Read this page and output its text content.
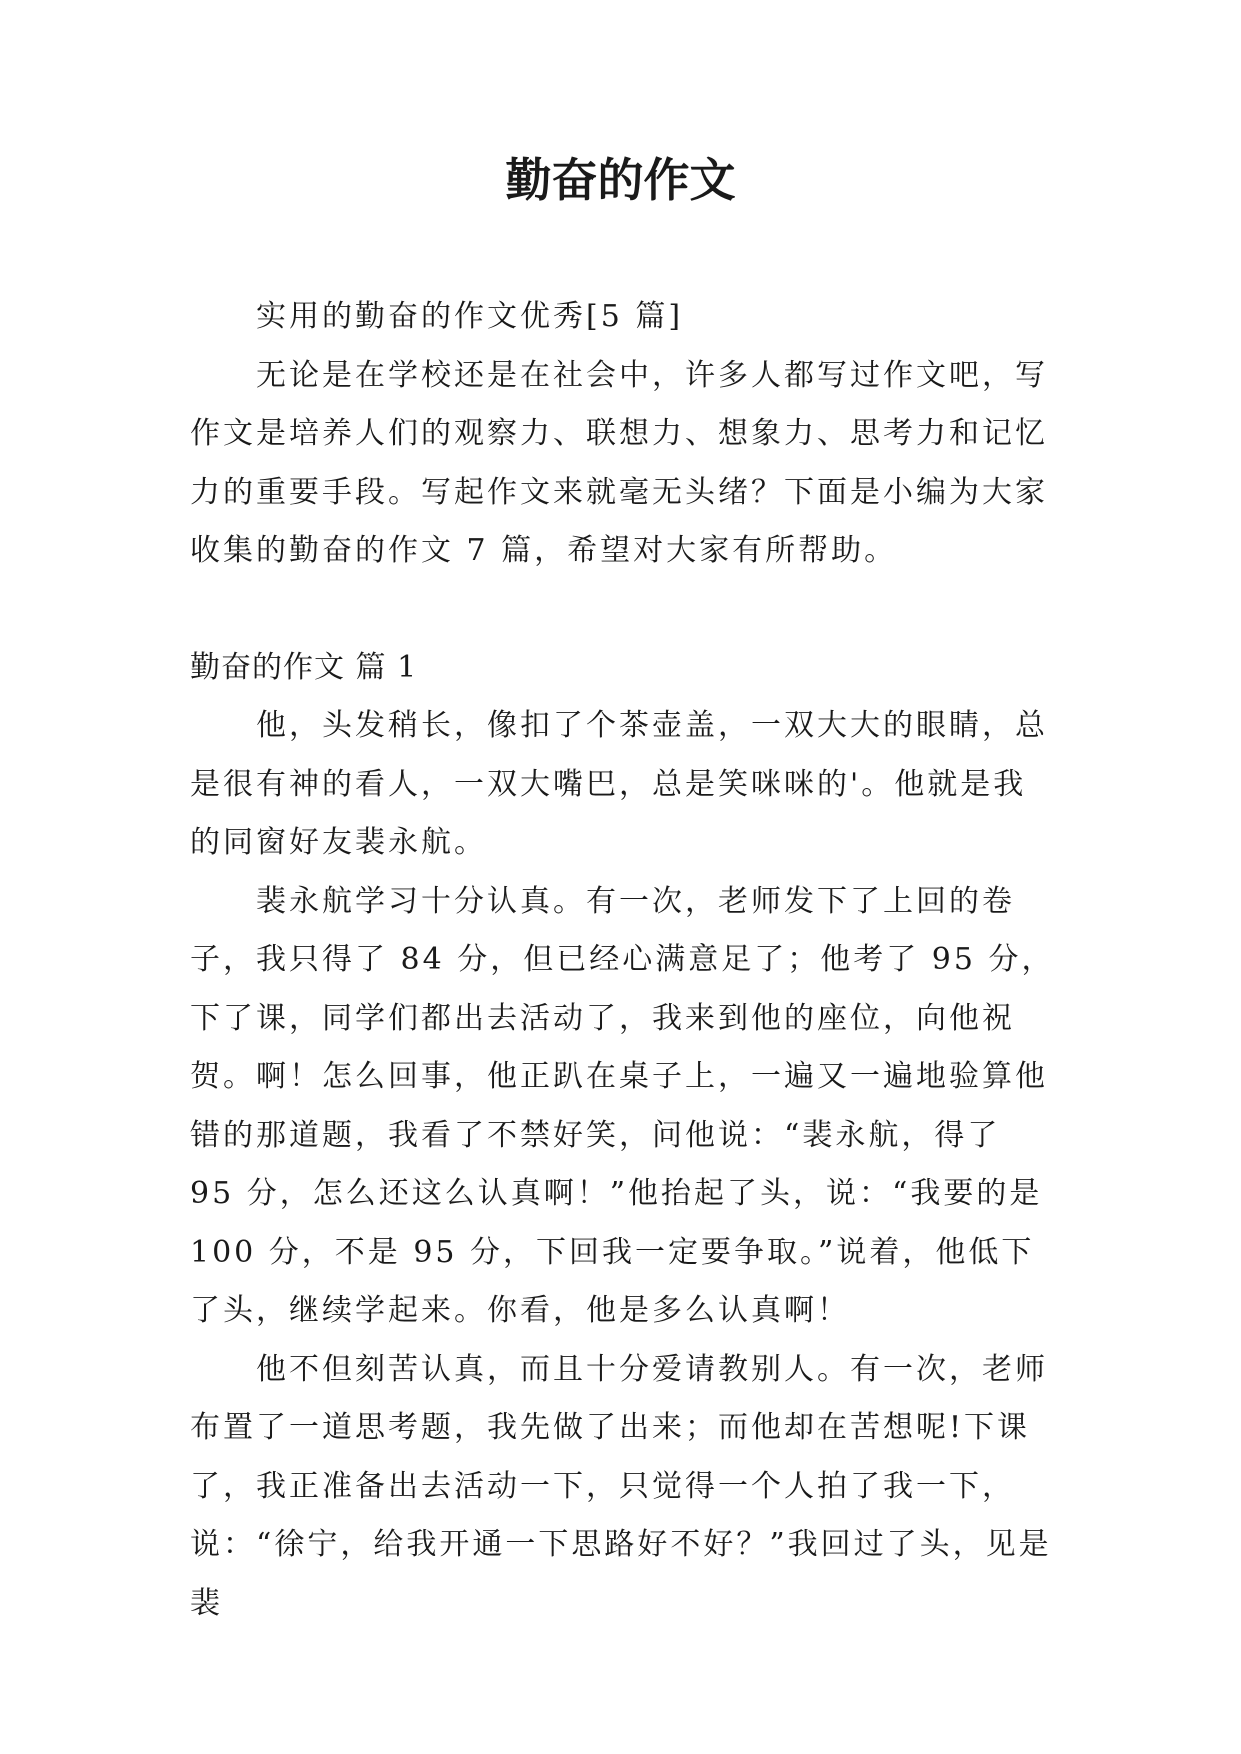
勤奋的作文

实用的勤奋的作文优秀[5 篇]

无论是在学校还是在社会中，许多人都写过作文吧，写作文是培养人们的观察力、联想力、想象力、思考力和记忆力的重要手段。写起作文来就毫无头绪？下面是小编为大家收集的勤奋的作文 7 篇，希望对大家有所帮助。

勤奋的作文 篇 1

他，头发稍长，像扣了个茶壶盖，一双大大的眼睛，总是很有神的看人，一双大嘴巴，总是笑咪咪的'。他就是我的同窗好友裴永航。

裴永航学习十分认真。有一次，老师发下了上回的卷子，我只得了 84 分，但已经心满意足了；他考了 95 分，下了课，同学们都出去活动了，我来到他的座位，向他祝贺。啊！怎么回事，他正趴在桌子上，一遍又一遍地验算他错的那道题，我看了不禁好笑，问他说：“裴永航，得了 95 分，怎么还这么认真啊！”他抬起了头，说：“我要的是 100 分，不是 95 分，下回我一定要争取。”说着，他低下了头，继续学起来。你看，他是多么认真啊！

他不但刻苦认真，而且十分爱请教别人。有一次，老师布置了一道思考题，我先做了出来；而他却在苦想呢!下课了，我正准备出去活动一下，只觉得一个人拍了我一下，说：“徐宁，给我开通一下思路好不好？”我回过了头，见是裴
